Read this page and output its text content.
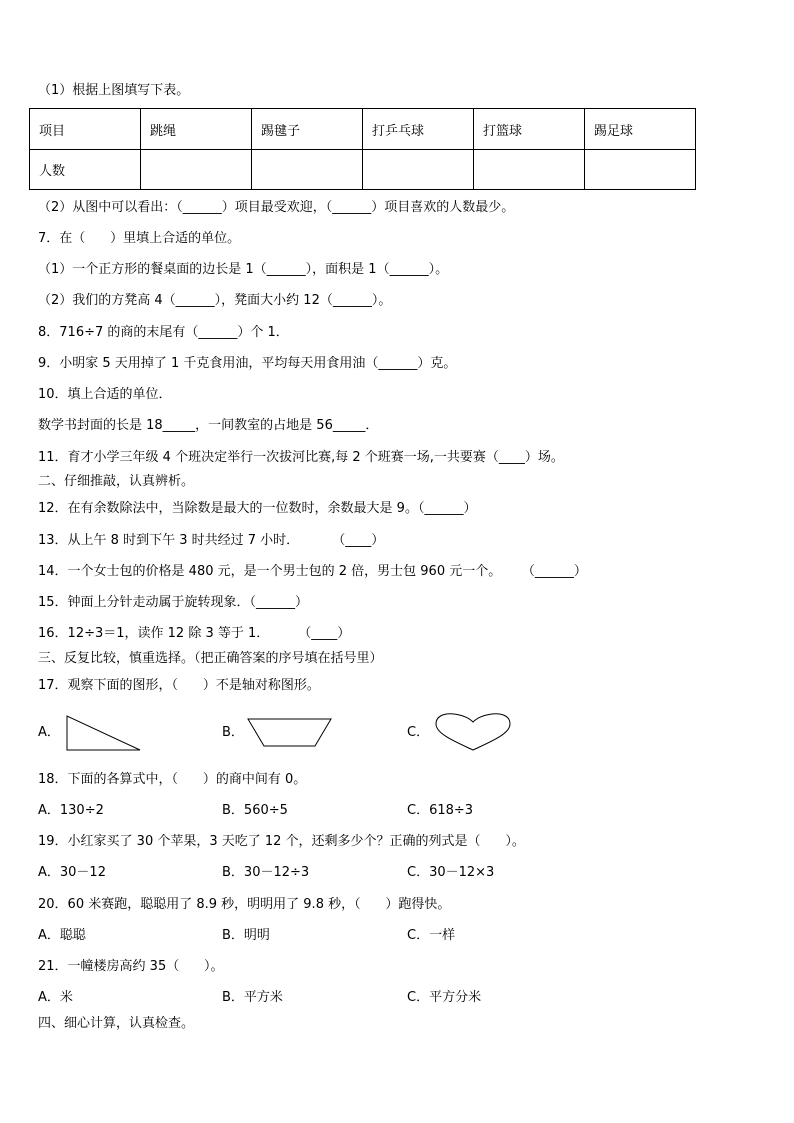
（1）根据上图填写下表。
项目	跳绳	踢毽子	打乒乓球	打篮球	踢足球
人数					
（2）从图中可以看出：（______）项目最受欢迎，（______）项目喜欢的人数最少。
7．在（      ）里填上合适的单位。
（1）一个正方形的餐桌面的边长是 1（______），面积是 1（______）。
（2）我们的方凳高 4（______），凳面大小约 12（______）。
8．716÷7 的商的末尾有（______）个 1．
9．小明家 5 天用掉了 1 千克食用油，平均每天用食用油（______）克。
10．填上合适的单位．
数学书封面的长是 18_____，一间教室的占地是 56_____．
11．育才小学三年级 4 个班决定举行一次拔河比赛,每 2 个班赛一场,一共要赛（____）场。
二、仔细推敲，认真辨析。
12．在有余数除法中，当除数是最大的一位数时，余数最大是 9。（______）
13．从上午 8 时到下午 3 时共经过 7 小时．        （____）
14．一个女士包的价格是 480 元，是一个男士包的 2 倍，男士包 960 元一个。     （______）
15．钟面上分针走动属于旋转现象．（______）
16．12÷3＝1，读作 12 除 3 等于 1．       （____）
三、反复比较，慎重选择。（把正确答案的序号填在括号里）
17．观察下面的图形，（      ）不是轴对称图形。
A．	B．	C．
18．下面的各算式中，（      ）的商中间有 0。
A．130÷2	B．560÷5	C．618÷3
19．小红家买了 30 个苹果，3 天吃了 12 个，还剩多少个？正确的列式是（      ）。
A．30－12	B．30－12÷3	C．30－12×3
20．60 米赛跑，聪聪用了 8.9 秒，明明用了 9.8 秒，（      ）跑得快。
A．聪聪	B．明明	C．一样
21．一幢楼房高约 35（      ）。
A．米	B．平方米	C．平方分米
四、细心计算，认真检查。
